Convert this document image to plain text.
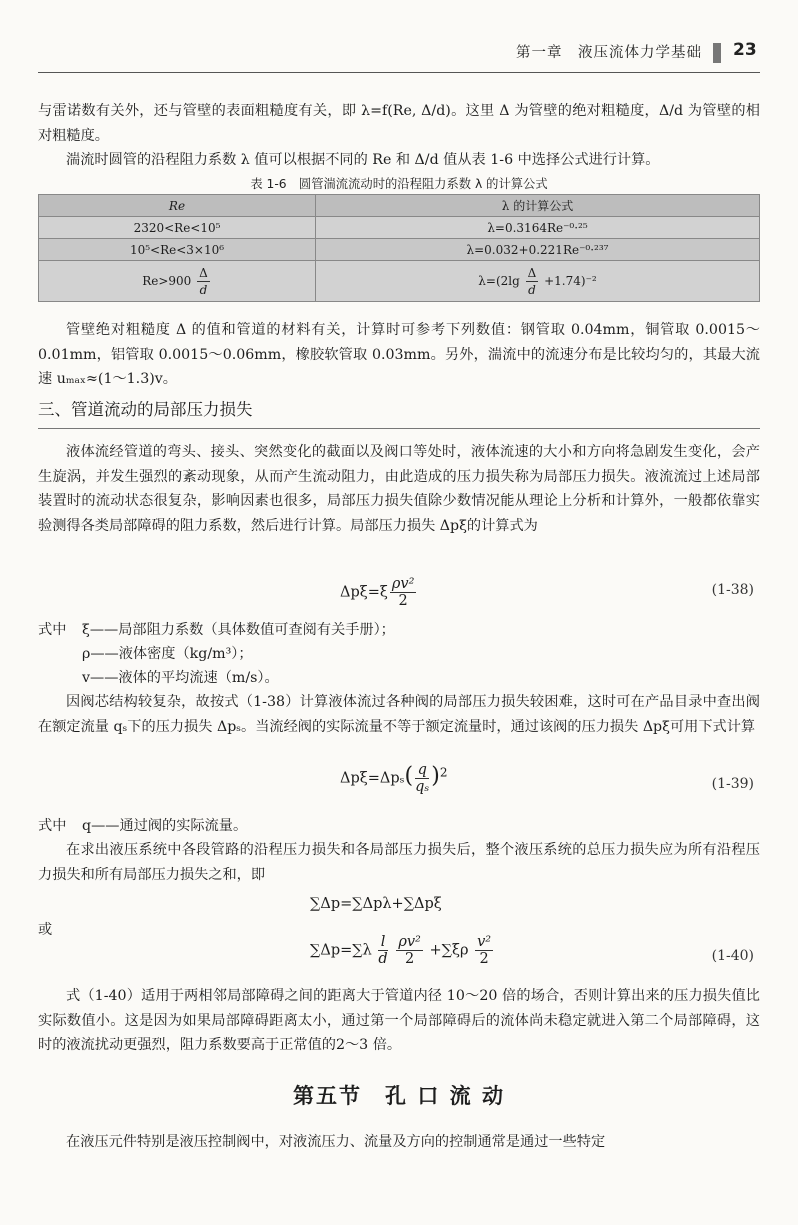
第一章　液压流体力学基础 23
与雷诺数有关外，还与管壁的表面粗糙度有关，即 λ=f(Re, Δ/d)。这里 Δ 为管壁的绝对粗糙度，Δ/d 为管壁的相对粗糙度。
湍流时圆管的沿程阻力系数 λ 值可以根据不同的 Re 和 Δ/d 值从表 1-6 中选择公式进行计算。
表 1-6　圆管湍流流动时的沿程阻力系数 λ 的计算公式
Re	λ 的计算公式
2320<Re<10⁵	λ=0.3164Re⁻⁰·²⁵
10⁵<Re<3×10⁶	λ=0.032+0.221Re⁻⁰·²³⁷
$Re>900 \frac{\Delta}{d}$	$\lambda=(2\lg \frac{\Delta}{d} +1.74)^{-2}$
管壁绝对粗糙度 Δ 的值和管道的材料有关，计算时可参考下列数值：钢管取 0.04mm，铜管取 0.0015～0.01mm，铝管取 0.0015～0.06mm，橡胶软管取 0.03mm。另外，湍流中的流速分布是比较均匀的，其最大流速 uₘₐₓ≈(1～1.3)v。
三、管道流动的局部压力损失
液体流经管道的弯头、接头、突然变化的截面以及阀口等处时，液体流速的大小和方向将急剧发生变化，会产生旋涡，并发生强烈的紊动现象，从而产生流动阻力，由此造成的压力损失称为局部压力损失。液流流过上述局部装置时的流动状态很复杂，影响因素也很多，局部压力损失值除少数情况能从理论上分析和计算外，一般都依靠实验测得各类局部障碍的阻力系数，然后进行计算。局部压力损失 Δpξ的计算式为
$\Delta p\xi=\xi \frac{\text{ρv²}}{2}$	(1-38)
式中 ξ——局部阻力系数（具体数值可查阅有关手册）；
ρ——液体密度（kg/m³）；
v——液体的平均流速（m/s）。
因阀芯结构较复杂，故按式（1-38）计算液体流过各种阀的局部压力损失较困难，这时可在产品目录中查出阀在额定流量 qₛ下的压力损失 Δpₛ。当流经阀的实际流量不等于额定流量时，通过该阀的压力损失 Δpξ可用下式计算
$\Delta p\xi=\Delta p_s( \frac{q}{\text{qₛ}} )^2$
(1-39)
式中 q——通过阀的实际流量。
在求出液压系统中各段管路的沿程压力损失和各局部压力损失后，整个液压系统的总压力损失应为所有沿程压力损失和所有局部压力损失之和，即
∑Δp=∑Δpλ+∑Δpξ
或
$\sum\Delta p=\sum\lambda \frac{l}{d}$
$\frac{\text{ρv²}}{2} +\sum\xi\rho \frac{\text{v²}}{2}$	(1-40)
式（1-40）适用于两相邻局部障碍之间的距离大于管道内径 10～20 倍的场合，否则计算出来的压力损失值比实际数值小。这是因为如果局部障碍距离太小，通过第一个局部障碍后的流体尚未稳定就进入第二个局部障碍，这时的液流扰动更强烈，阻力系数要高于正常值的2～3 倍。
第五节　孔 口 流 动
在液压元件特别是液压控制阀中，对液流压力、流量及方向的控制通常是通过一些特定
